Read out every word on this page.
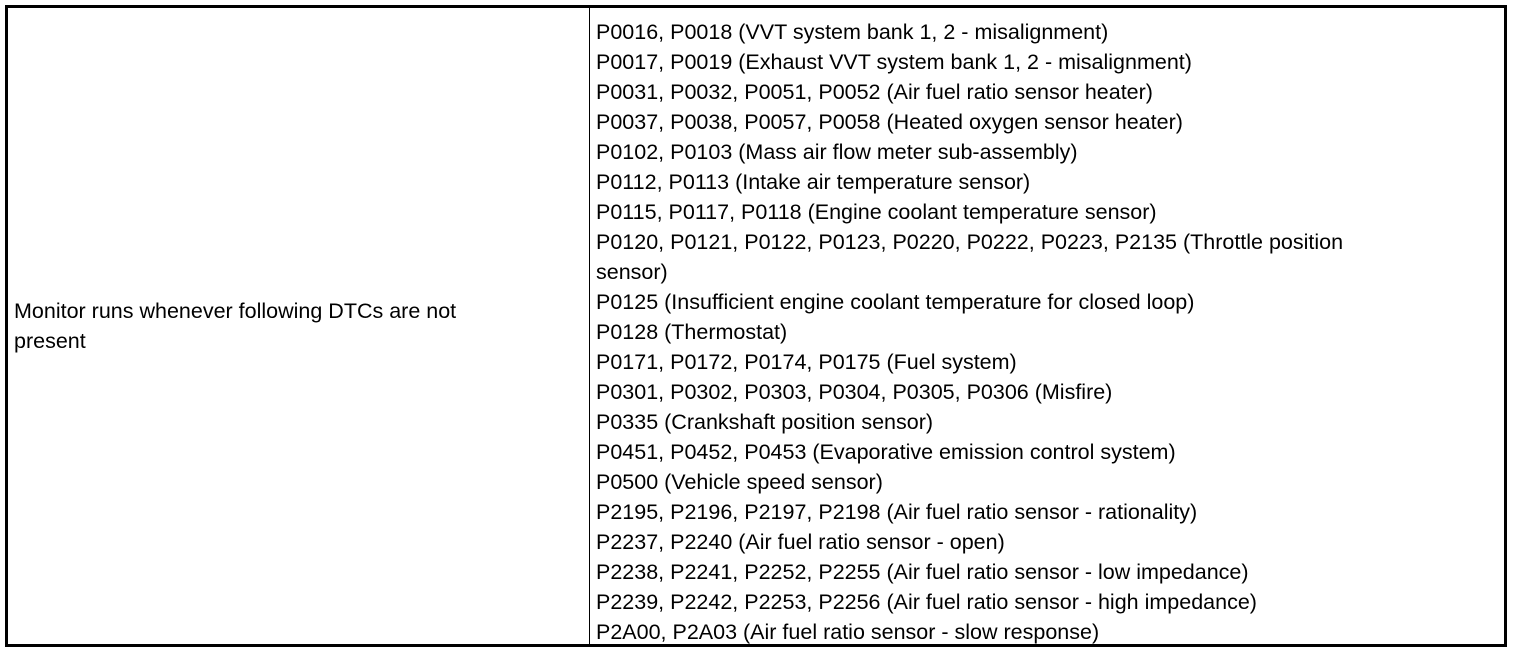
Monitor runs whenever following DTCs are not
present
P0016, P0018 (VVT system bank 1, 2 - misalignment)
P0017, P0019 (Exhaust VVT system bank 1, 2 - misalignment)
P0031, P0032, P0051, P0052 (Air fuel ratio sensor heater)
P0037, P0038, P0057, P0058 (Heated oxygen sensor heater)
P0102, P0103 (Mass air flow meter sub-assembly)
P0112, P0113 (Intake air temperature sensor)
P0115, P0117, P0118 (Engine coolant temperature sensor)
P0120, P0121, P0122, P0123, P0220, P0222, P0223, P2135 (Throttle position
sensor)
P0125 (Insufficient engine coolant temperature for closed loop)
P0128 (Thermostat)
P0171, P0172, P0174, P0175 (Fuel system)
P0301, P0302, P0303, P0304, P0305, P0306 (Misfire)
P0335 (Crankshaft position sensor)
P0451, P0452, P0453 (Evaporative emission control system)
P0500 (Vehicle speed sensor)
P2195, P2196, P2197, P2198 (Air fuel ratio sensor - rationality)
P2237, P2240 (Air fuel ratio sensor - open)
P2238, P2241, P2252, P2255 (Air fuel ratio sensor - low impedance)
P2239, P2242, P2253, P2256 (Air fuel ratio sensor - high impedance)
P2A00, P2A03 (Air fuel ratio sensor - slow response)
